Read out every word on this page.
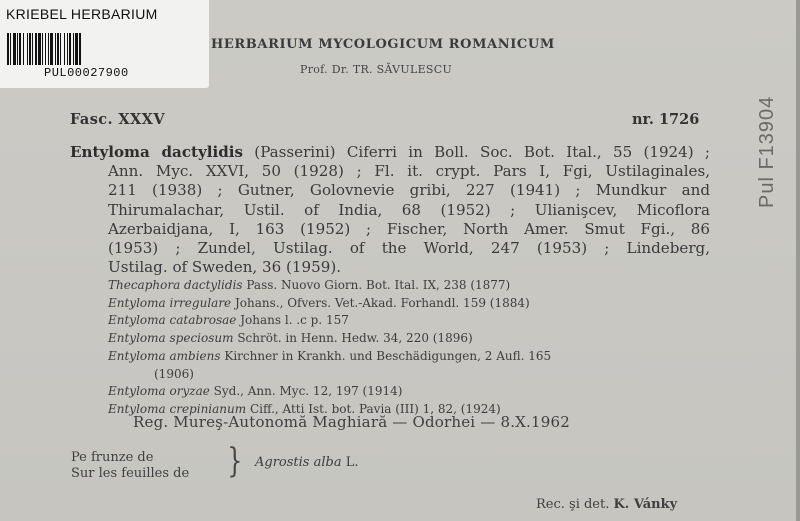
KRIEBEL HERBARIUM
PUL00027900
HERBARIUM MYCOLOGICUM ROMANICUM
Prof. Dr. TR. SĂVULESCU
Fasc. XXXV	nr. 1726
Entyloma dactylidis (Passerini) Ciferri in Boll. Soc. Bot. Ital., 55 (1924) ;
Ann. Myc. XXVI, 50 (1928) ; Fl. it. crypt. Pars I, Fgi, Ustilaginales,
211 (1938) ; Gutner, Golovnevie gribi, 227 (1941) ; Mundkur and
Thirumalachar, Ustil. of India, 68 (1952) ; Ulianişcev, Micoflora
Azerbaidjana, I, 163 (1952) ; Fischer, North Amer. Smut Fgi., 86
(1953) ; Zundel, Ustilag. of the World, 247 (1953) ; Lindeberg,
Ustilag. of Sweden, 36 (1959).
Thecaphora dactylidis Pass. Nuovo Giorn. Bot. Ital. IX, 238 (1877)
Entyloma irregulare Johans., Ofvers. Vet.-Akad. Forhandl. 159 (1884)
Entyloma catabrosae Johans l. .c p. 157
Entyloma speciosum Schröt. in Henn. Hedw. 34, 220 (1896)
Entyloma ambiens Kirchner in Krankh. und Beschädigungen, 2 Aufl. 165
(1906)
Entyloma oryzae Syd., Ann. Myc. 12, 197 (1914)
Entyloma crepinianum Ciff., Atti Ist. bot. Pavia (III) 1, 82, (1924)
Reg. Mureş-Autonomă Maghiară — Odorhei — 8.X.1962
Pe frunze de
Sur les feuilles de } Agrostis alba L.
Rec. şi det. K. Vánky
Pul F13904
